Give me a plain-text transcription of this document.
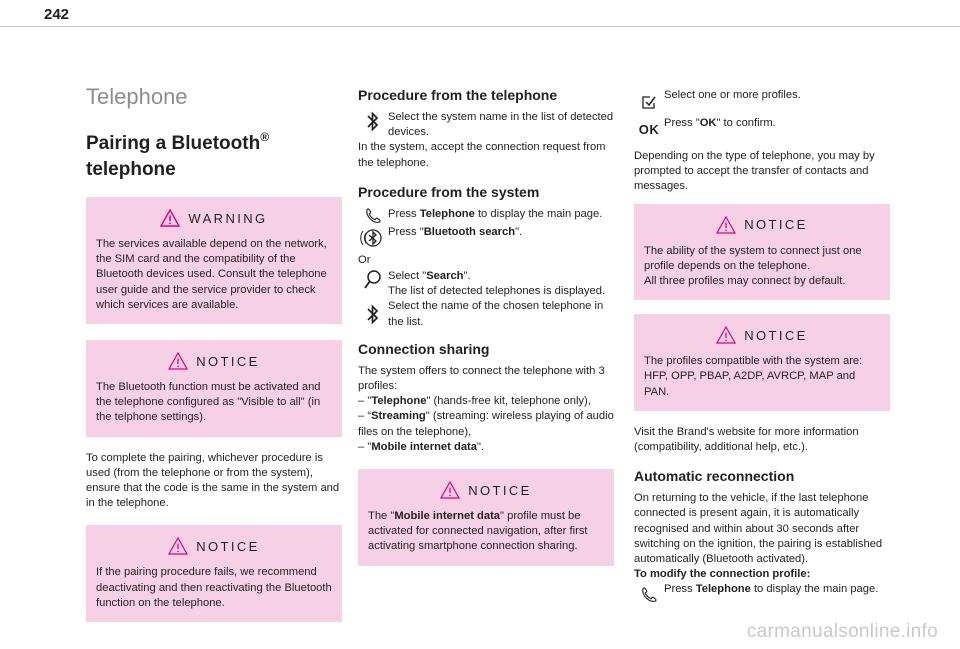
242
Telephone
Pairing a Bluetooth®
telephone
WARNING
The services available depend on the network, the SIM card and the compatibility of the Bluetooth devices used. Consult the telephone user guide and the service provider to check which services are available.
NOTICE
The Bluetooth function must be activated and the telephone configured as "Visible to all" (in the telphone settings).
To complete the pairing, whichever procedure is used (from the telephone or from the system), ensure that the code is the same in the system and in the telephone.
NOTICE
If the pairing procedure fails, we recommend deactivating and then reactivating the Bluetooth function on the telephone.
Procedure from the telephone
Select the system name in the list of detected devices.
In the system, accept the connection request from the telephone.
Procedure from the system
Press Telephone to display the main page.
Press "Bluetooth search".
Or
Select "Search".
The list of detected telephones is displayed.
Select the name of the chosen telephone in the list.
Connection sharing
The system offers to connect the telephone with 3 profiles:
– "Telephone" (hands-free kit, telephone only),
– “Streaming" (streaming: wireless playing of audio files on the telephone),
– "Mobile internet data".
NOTICE
The "Mobile internet data" profile must be activated for connected navigation, after first activating smartphone connection sharing.
Select one or more profiles.
OK Press "OK" to confirm.
Depending on the type of telephone, you may by prompted to accept the transfer of contacts and messages.
NOTICE
The ability of the system to connect just one profile depends on the telephone.
All three profiles may connect by default.
NOTICE
The profiles compatible with the system are: HFP, OPP, PBAP, A2DP, AVRCP, MAP and PAN.
Visit the Brand's website for more information (compatibility, additional help, etc.).
Automatic reconnection
On returning to the vehicle, if the last telephone connected is present again, it is automatically recognised and within about 30 seconds after switching on the ignition, the pairing is established automatically (Bluetooth activated).
To modify the connection profile:
Press Telephone to display the main page.
carmanualsonline.info
